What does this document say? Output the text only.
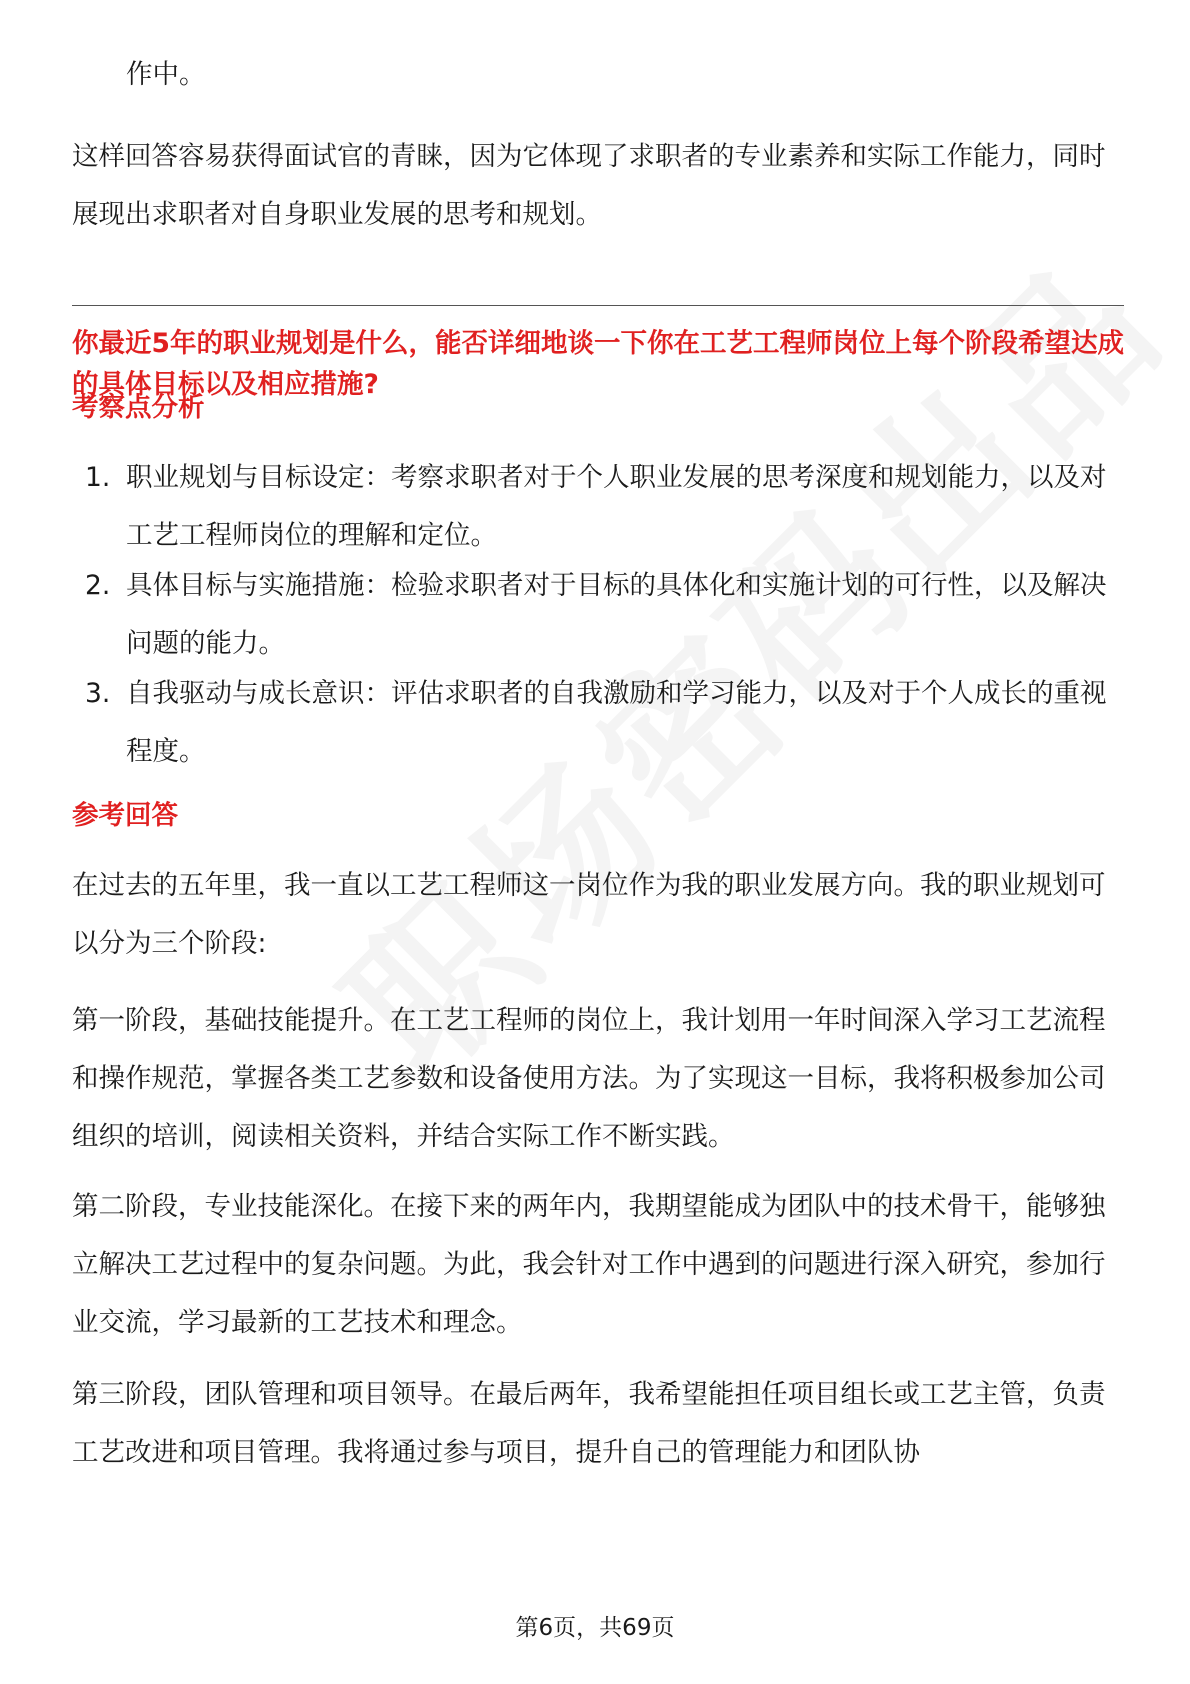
作中。
这样回答容易获得面试官的青睐，因为它体现了求职者的专业素养和实际工作能力，同时展现出求职者对自身职业发展的思考和规划。
你最近5年的职业规划是什么，能否详细地谈一下你在工艺工程师岗位上每个阶段希望达成的具体目标以及相应措施?
考察点分析
1. 职业规划与目标设定：考察求职者对于个人职业发展的思考深度和规划能力，以及对工艺工程师岗位的理解和定位。
2. 具体目标与实施措施：检验求职者对于目标的具体化和实施计划的可行性，以及解决问题的能力。
3. 自我驱动与成长意识：评估求职者的自我激励和学习能力，以及对于个人成长的重视程度。
参考回答
在过去的五年里，我一直以工艺工程师这一岗位作为我的职业发展方向。我的职业规划可以分为三个阶段:
第一阶段，基础技能提升。在工艺工程师的岗位上，我计划用一年时间深入学习工艺流程和操作规范，掌握各类工艺参数和设备使用方法。为了实现这一目标，我将积极参加公司组织的培训，阅读相关资料，并结合实际工作不断实践。
第二阶段，专业技能深化。在接下来的两年内，我期望能成为团队中的技术骨干，能够独立解决工艺过程中的复杂问题。为此，我会针对工作中遇到的问题进行深入研究，参加行业交流，学习最新的工艺技术和理念。
第三阶段，团队管理和项目领导。在最后两年，我希望能担任项目组长或工艺主管，负责工艺改进和项目管理。我将通过参与项目，提升自己的管理能力和团队协
第6页，共69页
